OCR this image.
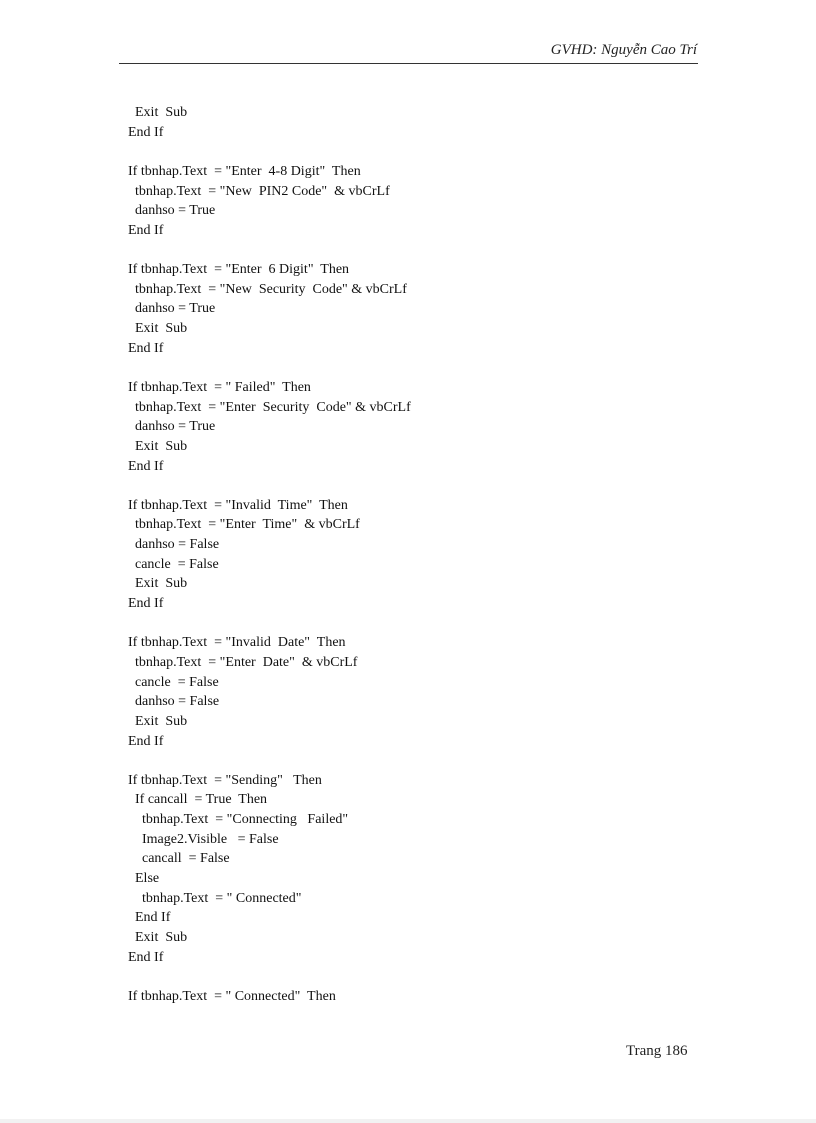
GVHD: Nguyễn Cao Trí
Exit  Sub
End If
If tbnhap.Text  = "Enter  4-8 Digit"  Then
tbnhap.Text  = "New  PIN2 Code"  & vbCrLf
danhso = True
End If
If tbnhap.Text  = "Enter  6 Digit"  Then
tbnhap.Text  = "New  Security  Code" & vbCrLf
danhso = True
Exit  Sub
End If
If tbnhap.Text  = " Failed"  Then
tbnhap.Text  = "Enter  Security  Code" & vbCrLf
danhso = True
Exit  Sub
End If
If tbnhap.Text  = "Invalid  Time"  Then
tbnhap.Text  = "Enter  Time"  & vbCrLf
danhso = False
cancle  = False
Exit  Sub
End If
If tbnhap.Text  = "Invalid  Date"  Then
tbnhap.Text  = "Enter  Date"  & vbCrLf
cancle  = False
danhso = False
Exit  Sub
End If
If tbnhap.Text  = "Sending"   Then
If cancall  = True  Then
tbnhap.Text  = "Connecting   Failed"
Image2.Visible   = False
cancall  = False
Else
tbnhap.Text  = " Connected"
End If
Exit  Sub
End If
If tbnhap.Text  = " Connected"  Then
Trang 186
